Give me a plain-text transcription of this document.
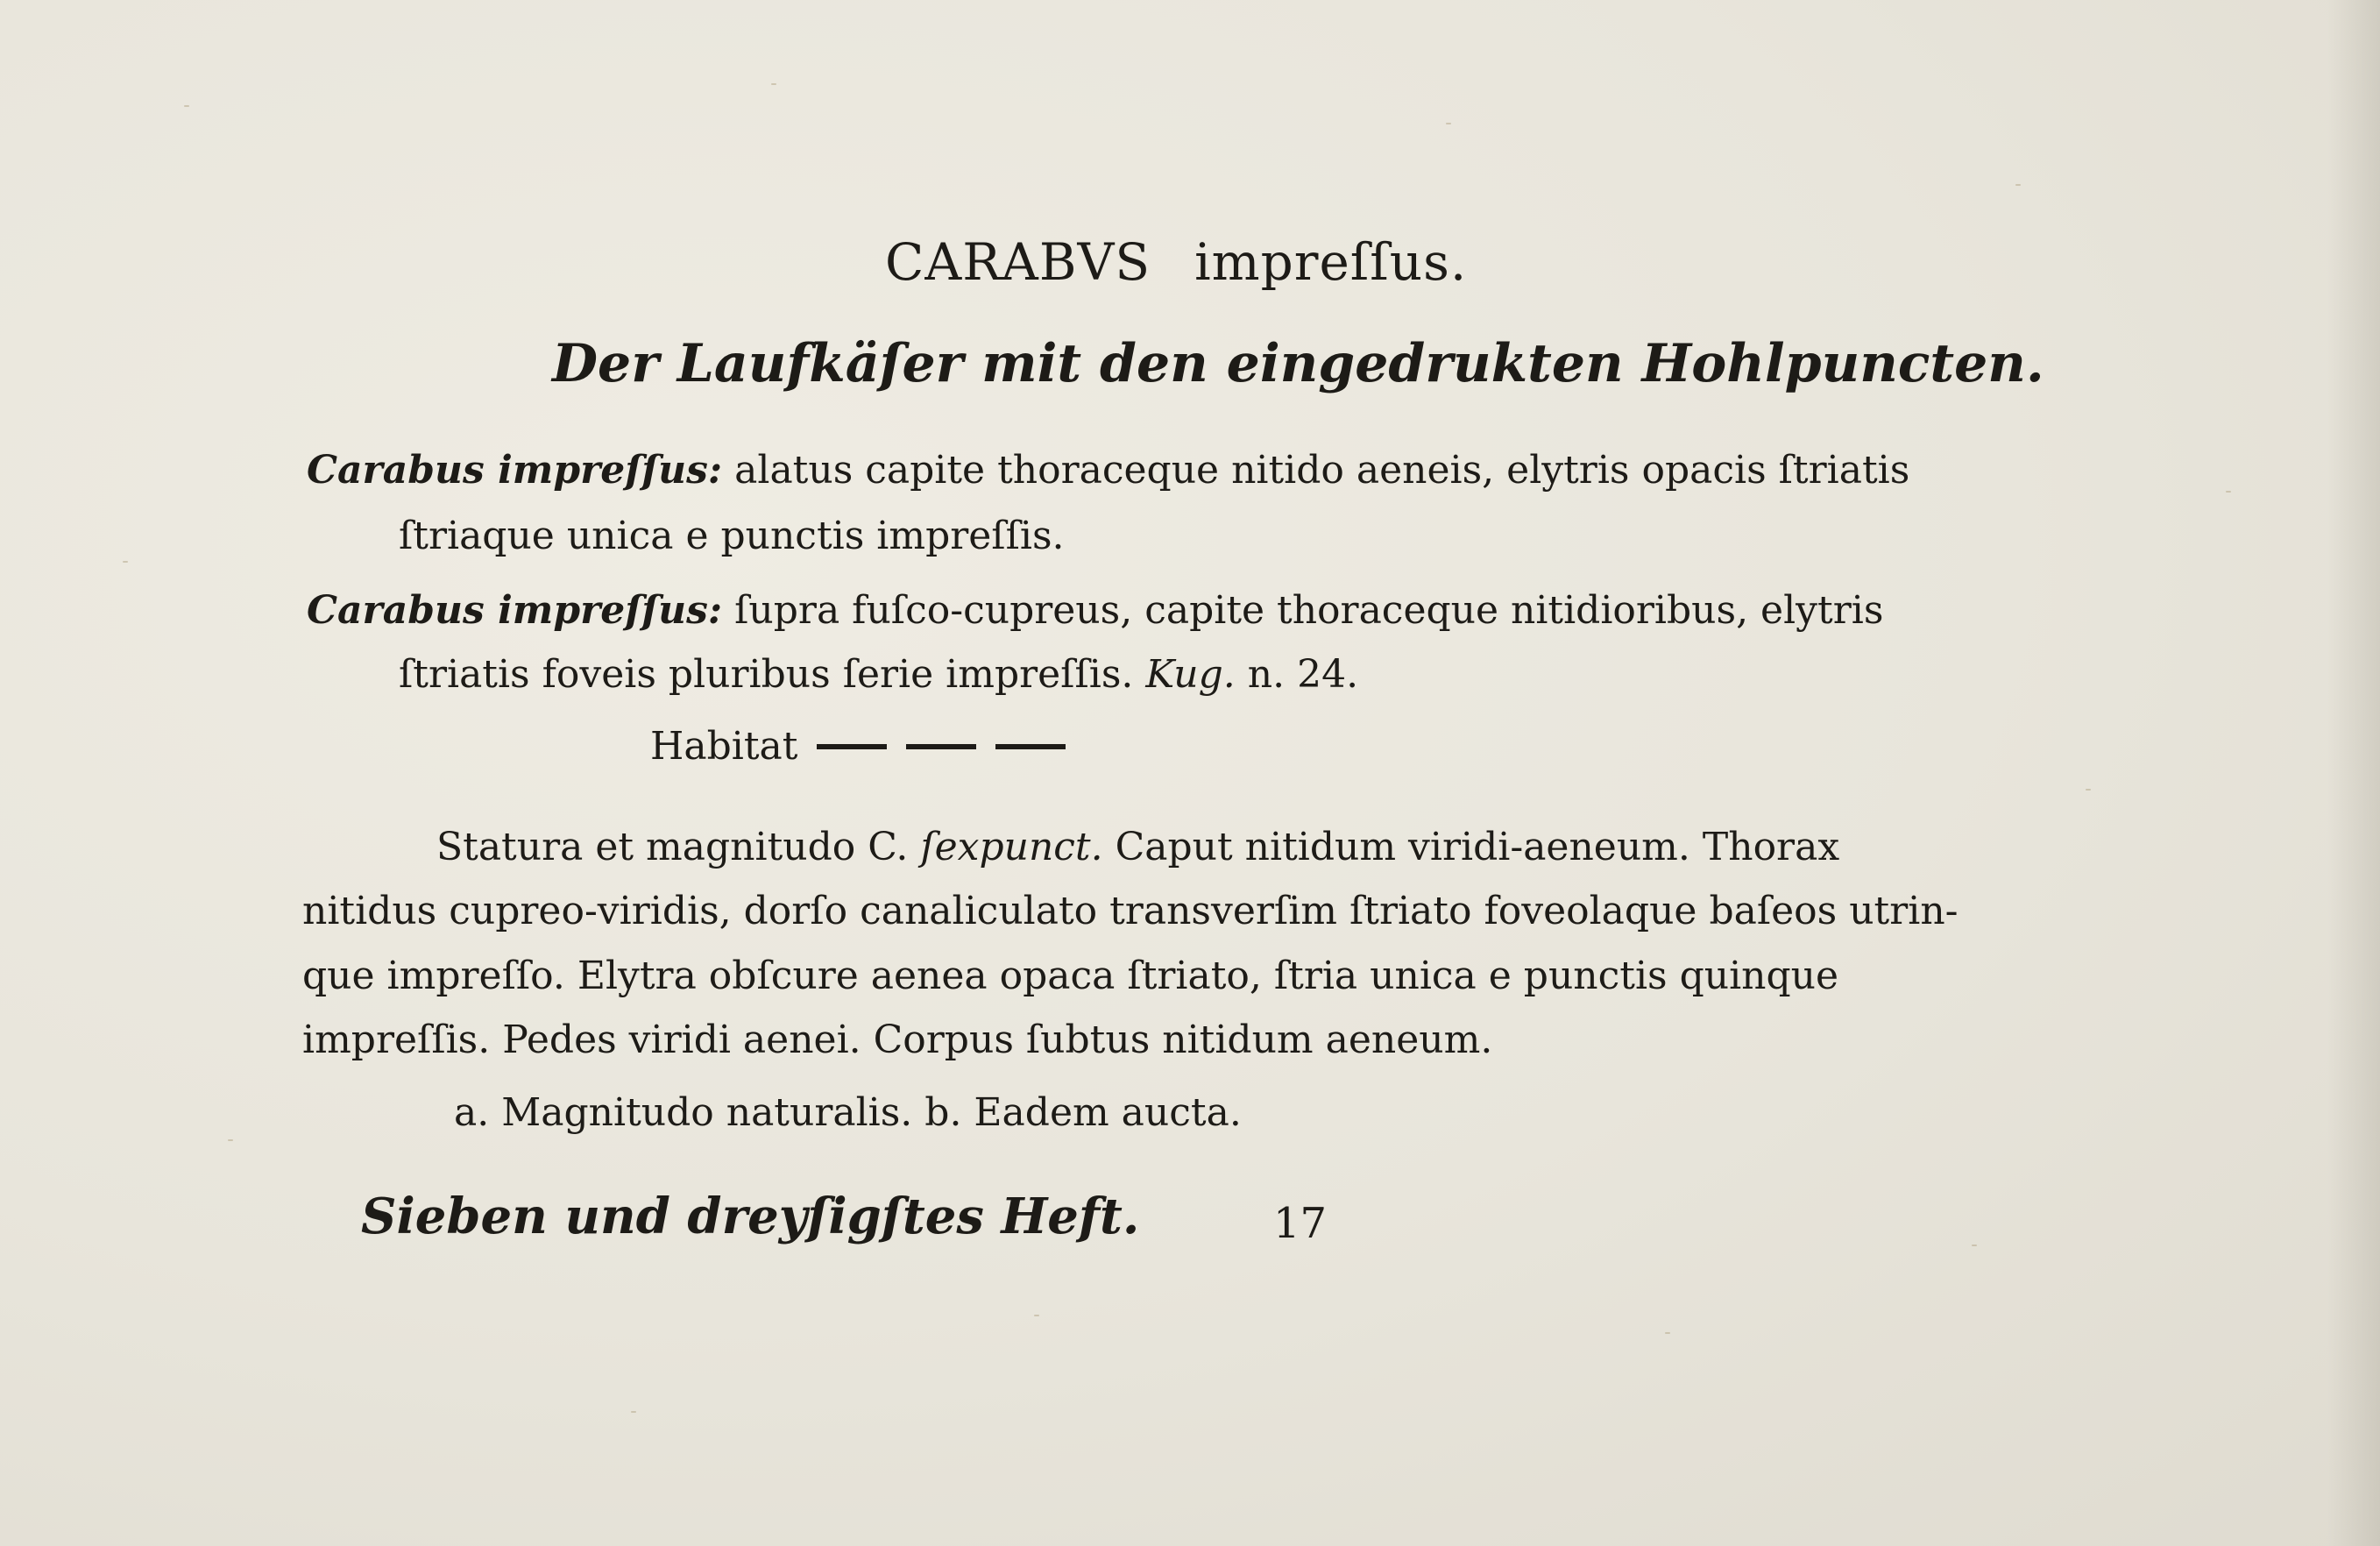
CARABVS impreſſus.
Der Laufkäſer mit den eingedrukten Hohlpuncten.
Carabus impreſſus: alatus capite thoraceque nitido aeneis, elytris opacis ſtriatis
ſtriaque unica e punctis impreſſis.
Carabus impreſſus: ſupra fuſco-cupreus, capite thoraceque nitidioribus, elytris
ſtriatis foveis pluribus ſerie impreſſis. Kug. n. 24.
Habitat
Statura et magnitudo C. ſexpunct. Caput nitidum viridi-aeneum. Thorax
nitidus cupreo-viridis, dorſo canaliculato transverſim ſtriato foveolaque baſeos utrin-
que impreſſo. Elytra obſcure aenea opaca ſtriato, ſtria unica e punctis quinque
impreſſis. Pedes viridi aenei. Corpus ſubtus nitidum aeneum.
a. Magnitudo naturalis. b. Eadem aucta.
Sieben und dreyſigſtes Heft.	17
